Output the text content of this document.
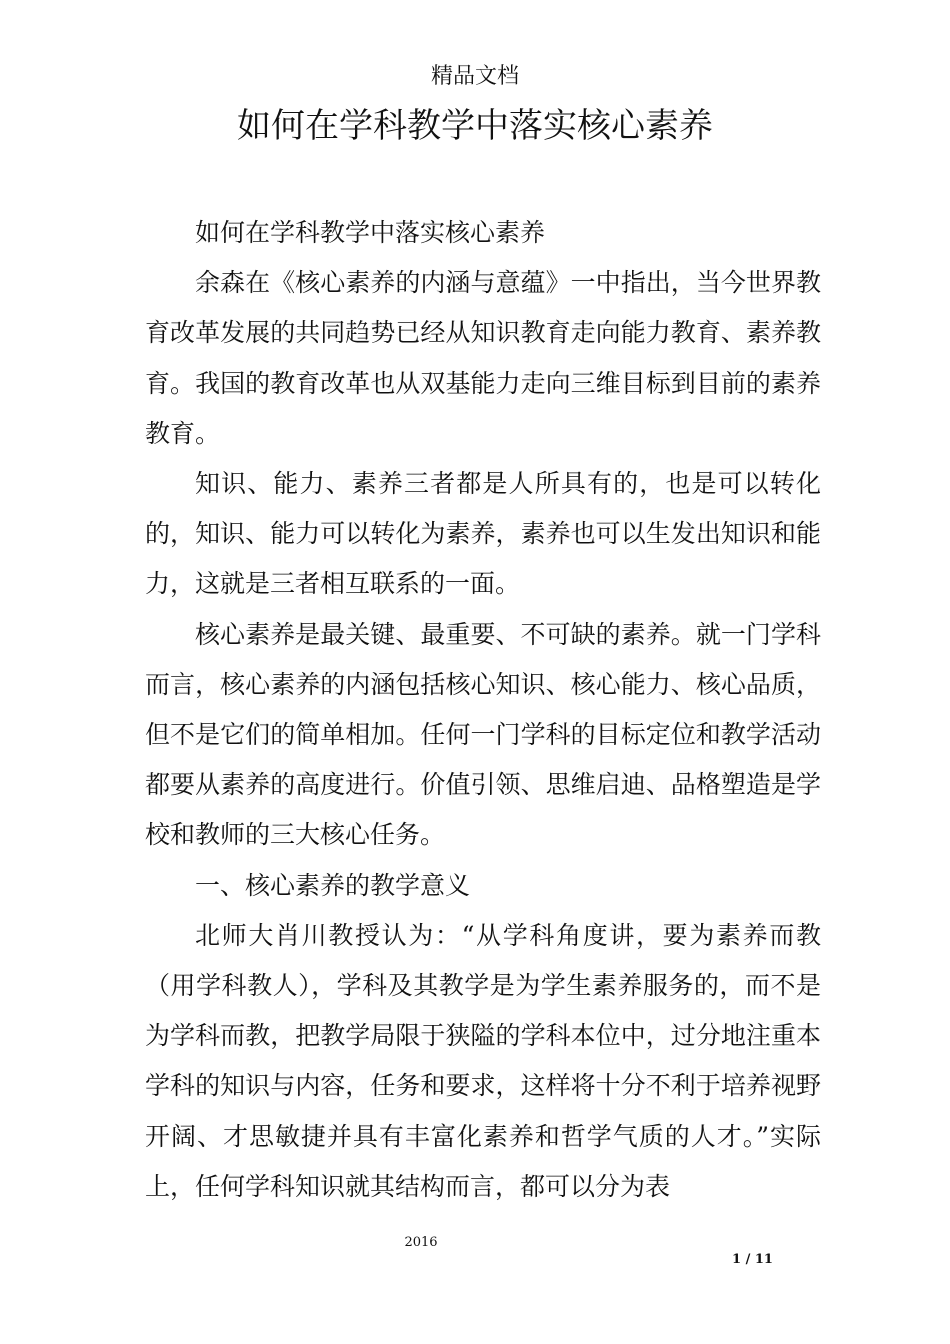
精品文档
如何在学科教学中落实核心素养

如何在学科教学中落实核心素养

余森在《核心素养的内涵与意蕴》一中指出，当今世界教育改革发展的共同趋势已经从知识教育走向能力教育、素养教育。我国的教育改革也从双基能力走向三维目标到目前的素养教育。

知识、能力、素养三者都是人所具有的，也是可以转化的，知识、能力可以转化为素养，素养也可以生发出知识和能力，这就是三者相互联系的一面。

核心素养是最关键、最重要、不可缺的素养。就一门学科而言，核心素养的内涵包括核心知识、核心能力、核心品质，但不是它们的简单相加。任何一门学科的目标定位和教学活动都要从素养的高度进行。价值引领、思维启迪、品格塑造是学校和教师的三大核心任务。

一、核心素养的教学意义

北师大肖川教授认为：“从学科角度讲，要为素养而教（用学科教人），学科及其教学是为学生素养服务的，而不是为学科而教，把教学局限于狭隘的学科本位中，过分地注重本学科的知识与内容，任务和要求，这样将十分不利于培养视野开阔、才思敏捷并具有丰富化素养和哲学气质的人才。”实际上，任何学科知识就其结构而言，都可以分为表

2016
1 / 11
